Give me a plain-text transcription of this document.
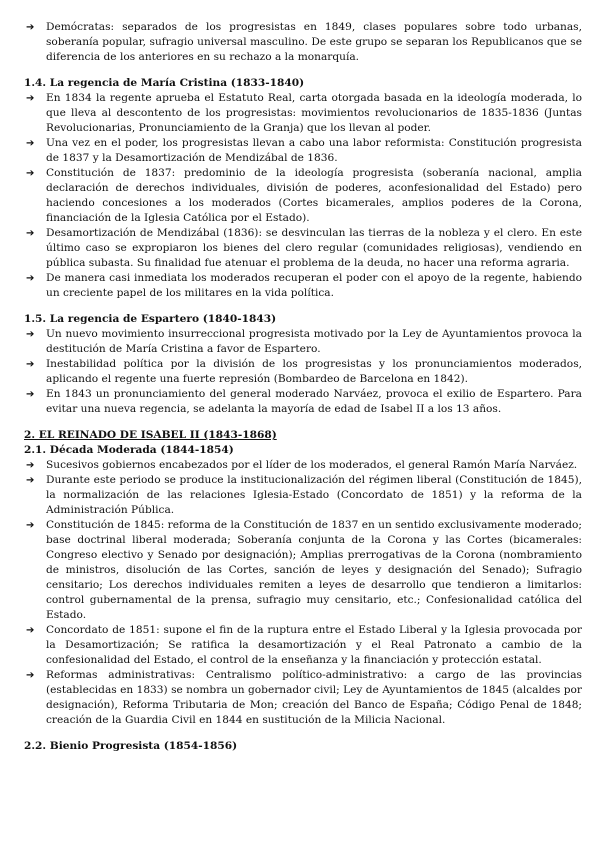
➔ Demócratas: separados de los progresistas en 1849, clases populares sobre todo urbanas, soberanía popular, sufragio universal masculino. De este grupo se separan los Republicanos que se diferencia de los anteriores en su rechazo a la monarquía.
1.4. La regencia de María Cristina (1833-1840)
➔ En 1834 la regente aprueba el Estatuto Real, carta otorgada basada en la ideología moderada, lo que lleva al descontento de los progresistas: movimientos revolucionarios de 1835-1836 (Juntas Revolucionarias, Pronunciamiento de la Granja) que los llevan al poder.
➔ Una vez en el poder, los progresistas llevan a cabo una labor reformista: Constitución progresista de 1837 y la Desamortización de Mendizábal de 1836.
➔ Constitución de 1837: predominio de la ideología progresista (soberanía nacional, amplia declaración de derechos individuales, división de poderes, aconfesionalidad del Estado) pero haciendo concesiones a los moderados (Cortes bicamerales, amplios poderes de la Corona, financiación de la Iglesia Católica por el Estado).
➔ Desamortización de Mendizábal (1836): se desvinculan las tierras de la nobleza y el clero. En este último caso se expropiaron los bienes del clero regular (comunidades religiosas), vendiendo en pública subasta. Su finalidad fue atenuar el problema de la deuda, no hacer una reforma agraria.
➔ De manera casi inmediata los moderados recuperan el poder con el apoyo de la regente, habiendo un creciente papel de los militares en la vida política.
1.5. La regencia de Espartero (1840-1843)
➔ Un nuevo movimiento insurreccional progresista motivado por la Ley de Ayuntamientos provoca la destitución de María Cristina a favor de Espartero.
➔ Inestabilidad política por la división de los progresistas y los pronunciamientos moderados, aplicando el regente una fuerte represión (Bombardeo de Barcelona en 1842).
➔ En 1843 un pronunciamiento del general moderado Narváez, provoca el exilio de Espartero. Para evitar una nueva regencia, se adelanta la mayoría de edad de Isabel II a los 13 años.
2. EL REINADO DE ISABEL II (1843-1868)
2.1. Década Moderada (1844-1854)
➔ Sucesivos gobiernos encabezados por el líder de los moderados, el general Ramón María Narváez.
➔ Durante este periodo se produce la institucionalización del régimen liberal (Constitución de 1845), la normalización de las relaciones Iglesia-Estado (Concordato de 1851) y la reforma de la Administración Pública.
➔ Constitución de 1845: reforma de la Constitución de 1837 en un sentido exclusivamente moderado; base doctrinal liberal moderada; Soberanía conjunta de la Corona y las Cortes (bicamerales: Congreso electivo y Senado por designación); Amplias prerrogativas de la Corona (nombramiento de ministros, disolución de las Cortes, sanción de leyes y designación del Senado); Sufragio censitario; Los derechos individuales remiten a leyes de desarrollo que tendieron a limitarlos: control gubernamental de la prensa, sufragio muy censitario, etc.; Confesionalidad católica del Estado.
➔ Concordato de 1851: supone el fin de la ruptura entre el Estado Liberal y la Iglesia provocada por la Desamortización; Se ratifica la desamortización y el Real Patronato a cambio de la confesionalidad del Estado, el control de la enseñanza y la financiación y protección estatal.
➔ Reformas administrativas: Centralismo político-administrativo: a cargo de las provincias (establecidas en 1833) se nombra un gobernador civil; Ley de Ayuntamientos de 1845 (alcaldes por designación), Reforma Tributaria de Mon; creación del Banco de España; Código Penal de 1848; creación de la Guardia Civil en 1844 en sustitución de la Milicia Nacional.
2.2. Bienio Progresista (1854-1856)
